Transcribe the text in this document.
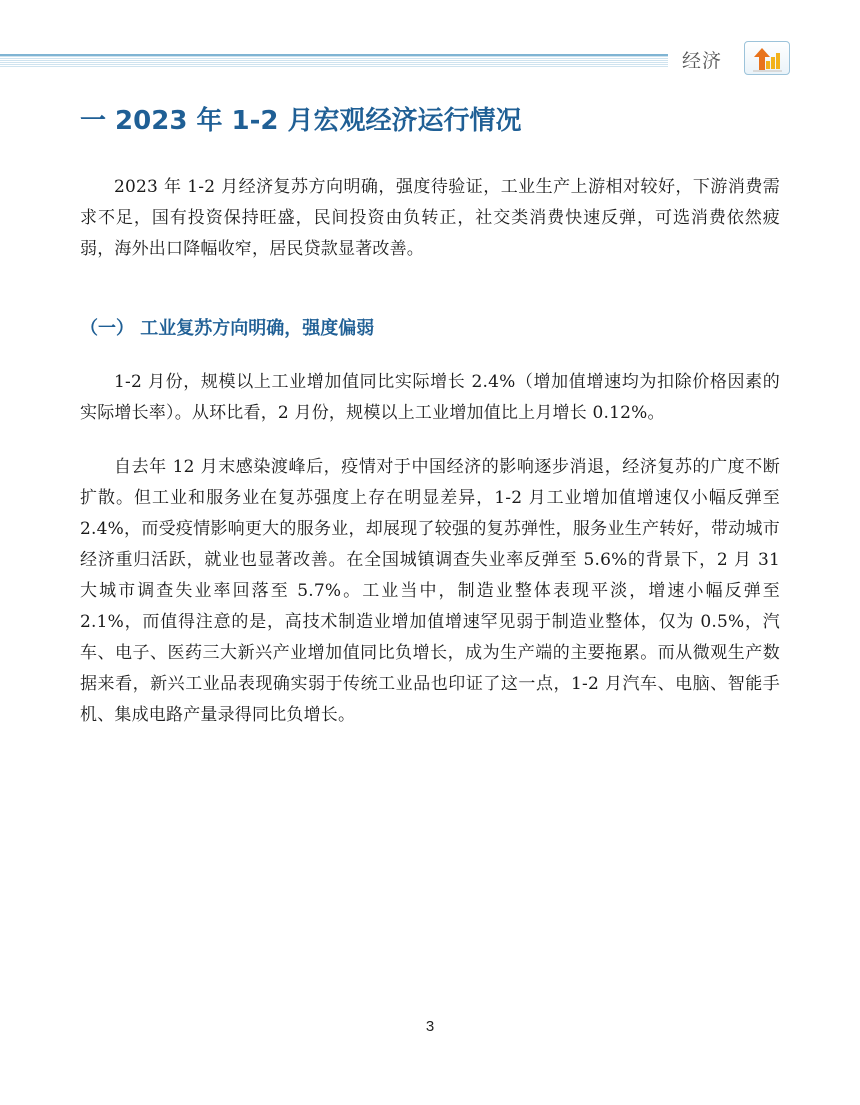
经济
一 2023 年 1-2 月宏观经济运行情况

2023 年 1-2 月经济复苏方向明确，强度待验证，工业生产上游相对较好，下游消费需求不足，国有投资保持旺盛，民间投资由负转正，社交类消费快速反弹，可选消费依然疲弱，海外出口降幅收窄，居民贷款显著改善。

（一） 工业复苏方向明确，强度偏弱

1-2 月份，规模以上工业增加值同比实际增长 2.4%（增加值增速均为扣除价格因素的实际增长率）。从环比看，2 月份，规模以上工业增加值比上月增长 0.12%。

自去年 12 月末感染渡峰后，疫情对于中国经济的影响逐步消退，经济复苏的广度不断扩散。但工业和服务业在复苏强度上存在明显差异，1-2 月工业增加值增速仅小幅反弹至 2.4%，而受疫情影响更大的服务业，却展现了较强的复苏弹性，服务业生产转好，带动城市经济重归活跃，就业也显著改善。在全国城镇调查失业率反弹至 5.6%的背景下，2 月 31 大城市调查失业率回落至 5.7%。工业当中，制造业整体表现平淡，增速小幅反弹至 2.1%，而值得注意的是，高技术制造业增加值增速罕见弱于制造业整体，仅为 0.5%，汽车、电子、医药三大新兴产业增加值同比负增长，成为生产端的主要拖累。而从微观生产数据来看，新兴工业品表现确实弱于传统工业品也印证了这一点，1-2 月汽车、电脑、智能手机、集成电路产量录得同比负增长。

3
